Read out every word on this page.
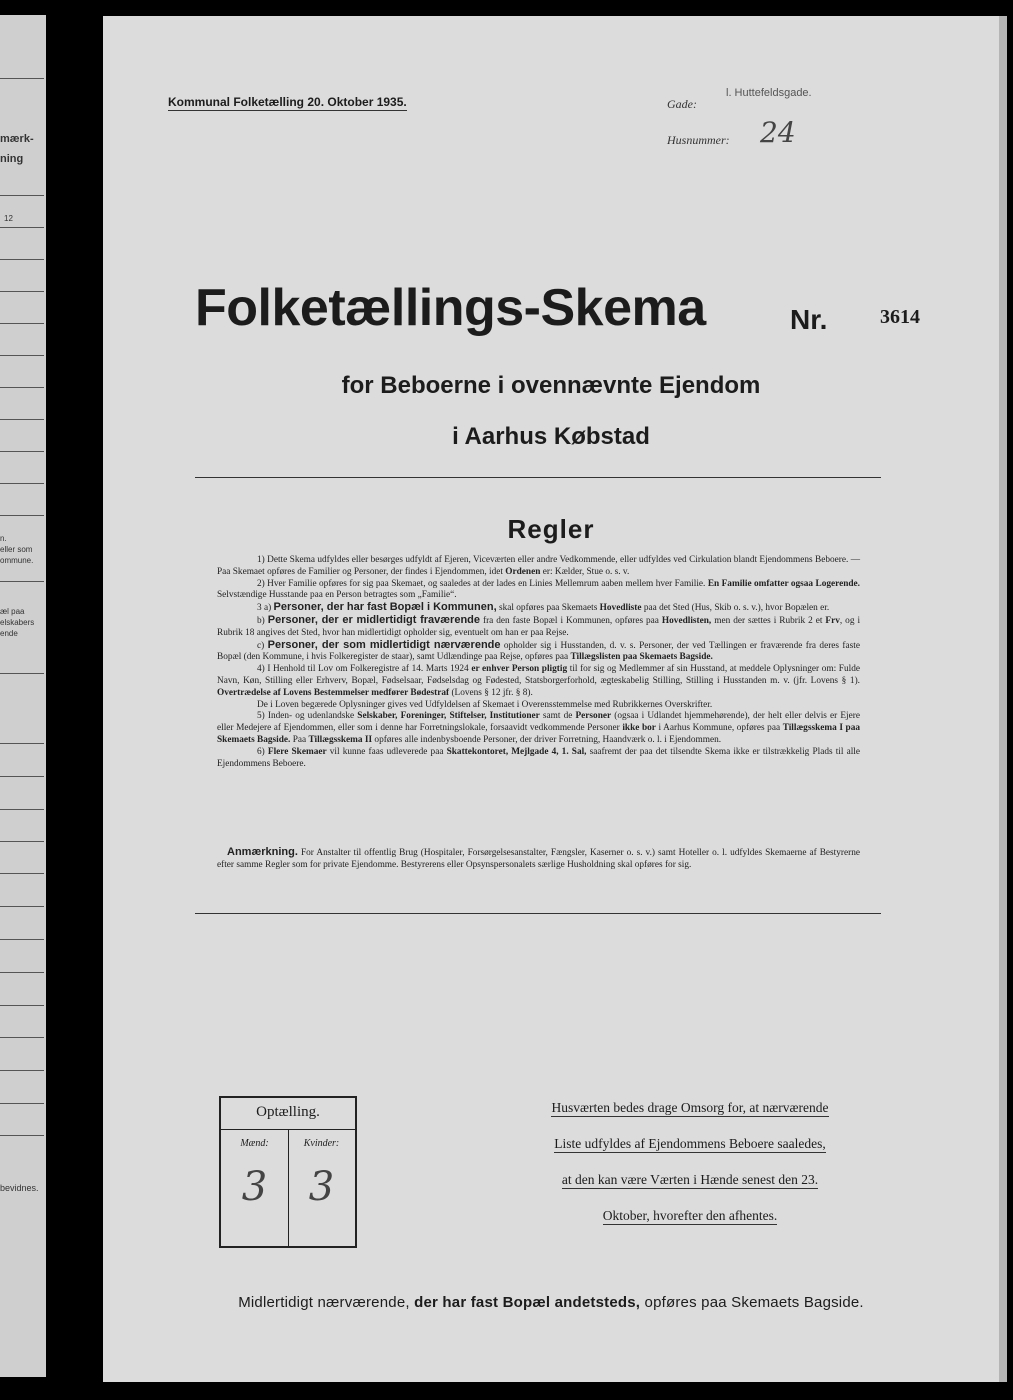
mærk-
ning
12
n.
eller som
ommune.
æl paa
elskabers
ende
bevidnes.
Kommunal Folketælling 20. Oktober 1935.	Gade:
l. Huttefeldsgade.
Husnummer: 24
Folketællings-Skema	Nr.	3614
for Beboerne i ovennævnte Ejendom
i Aarhus Købstad
Regler

1) Dette Skema udfyldes eller besørges udfyldt af Ejeren, Viceværten eller andre Vedkommende, eller udfyldes ved Cirkulation blandt Ejendommens Beboere. — Paa Skemaet opføres de Familier og Personer, der findes i Ejendommen, idet Ordenen er: Kælder, Stue o. s. v.

2) Hver Familie opføres for sig paa Skemaet, og saaledes at der lades en Linies Mellemrum aaben mellem hver Familie. En Familie omfatter ogsaa Logerende. Selvstændige Husstande paa en Person betragtes som „Familie“.

3 a) Personer, der har fast Bopæl i Kommunen, skal opføres paa Skemaets Hovedliste paa det Sted (Hus, Skib o. s. v.), hvor Bopælen er.

b) Personer, der er midlertidigt fraværende fra den faste Bopæl i Kommunen, opføres paa Hovedlisten, men der sættes i Rubrik 2 et Frv, og i Rubrik 18 angives det Sted, hvor han midlertidigt opholder sig, eventuelt om han er paa Rejse.

c) Personer, der som midlertidigt nærværende opholder sig i Husstanden, d. v. s. Personer, der ved Tællingen er fraværende fra deres faste Bopæl (den Kommune, i hvis Folkeregister de staar), samt Udlændinge paa Rejse, opføres paa Tillægslisten paa Skemaets Bagside.

4) I Henhold til Lov om Folkeregistre af 14. Marts 1924 er enhver Person pligtig til for sig og Medlemmer af sin Husstand, at meddele Oplysninger om: Fulde Navn, Køn, Stilling eller Erhverv, Bopæl, Fødselsaar, Fødselsdag og Fødested, Statsborgerforhold, ægteskabelig Stilling, Stilling i Husstanden m. v. (jfr. Lovens § 1). Overtrædelse af Lovens Bestemmelser medfører Bødestraf (Lovens § 12 jfr. § 8).

De i Loven begærede Oplysninger gives ved Udfyldelsen af Skemaet i Overensstemmelse med Rubrikkernes Overskrifter.

5) Inden- og udenlandske Selskaber, Foreninger, Stiftelser, Institutioner samt de Personer (ogsaa i Udlandet hjemmehørende), der helt eller delvis er Ejere eller Medejere af Ejendommen, eller som i denne har Forretningslokale, forsaavidt vedkommende Personer ikke bor i Aarhus Kommune, opføres paa Tillægsskema I paa Skemaets Bagside. Paa Tillægsskema II opføres alle indenbysboende Personer, der driver Forretning, Haandværk o. l. i Ejendommen.

6) Flere Skemaer vil kunne faas udleverede paa Skattekontoret, Mejlgade 4, 1. Sal, saafremt der paa det tilsendte Skema ikke er tilstrækkelig Plads til alle Ejendommens Beboere.

Anmærkning. For Anstalter til offentlig Brug (Hospitaler, Forsørgelsesanstalter, Fængsler, Kaserner o. s. v.) samt Hoteller o. l. udfyldes Skemaerne af Bestyrerne efter samme Regler som for private Ejendomme. Bestyrerens eller Opsynspersonalets særlige Husholdning skal opføres for sig.

Optælling.
Mænd:	Kvinder:
3	3
Husværten bedes drage Omsorg for, at nærværende
Liste udfyldes af Ejendommens Beboere saaledes,
at den kan være Værten i Hænde senest den 23.
Oktober, hvorefter den afhentes.
Midlertidigt nærværende, der har fast Bopæl andetsteds, opføres paa Skemaets Bagside.
